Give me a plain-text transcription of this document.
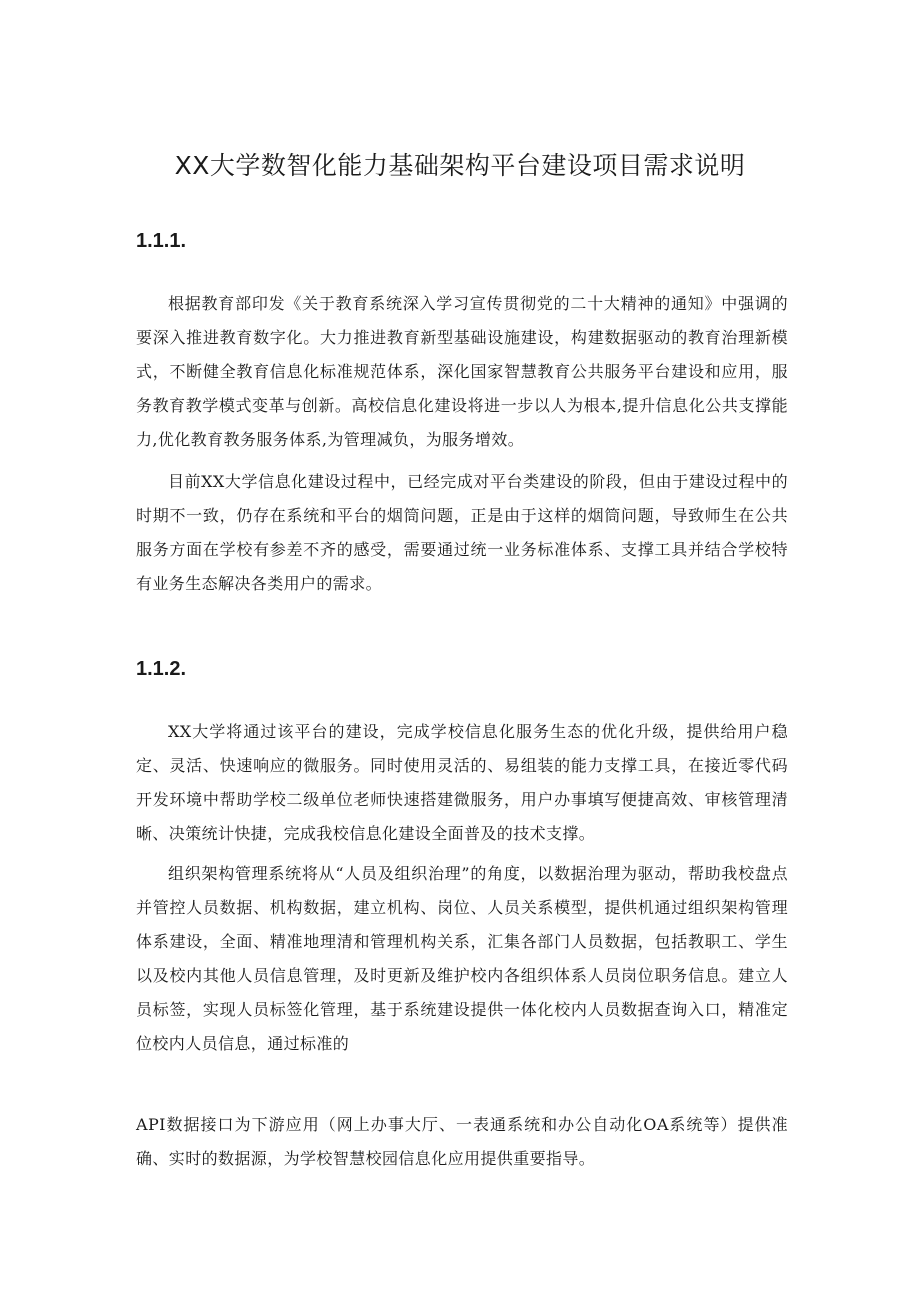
XX大学数智化能力基础架构平台建设项目需求说明
1.1.1.

根据教育部印发《关于教育系统深入学习宣传贯彻党的二十大精神的通知》中强调的要深入推进教育数字化。大力推进教育新型基础设施建设，构建数据驱动的教育治理新模式，不断健全教育信息化标准规范体系，深化国家智慧教育公共服务平台建设和应用，服务教育教学模式变革与创新。高校信息化建设将进一步以人为根本,提升信息化公共支撑能力,优化教育教务服务体系,为管理减负，为服务增效。

目前XX大学信息化建设过程中，已经完成对平台类建设的阶段，但由于建设过程中的时期不一致，仍存在系统和平台的烟筒问题，正是由于这样的烟筒问题，导致师生在公共服务方面在学校有参差不齐的感受，需要通过统一业务标准体系、支撑工具并结合学校特有业务生态解决各类用户的需求。

1.1.2.

XX大学将通过该平台的建设，完成学校信息化服务生态的优化升级，提供给用户稳定、灵活、快速响应的微服务。同时使用灵活的、易组装的能力支撑工具，在接近零代码开发环境中帮助学校二级单位老师快速搭建微服务，用户办事填写便捷高效、审核管理清晰、决策统计快捷，完成我校信息化建设全面普及的技术支撑。

组织架构管理系统将从“人员及组织治理”的角度，以数据治理为驱动，帮助我校盘点并管控人员数据、机构数据，建立机构、岗位、人员关系模型，提供机通过组织架构管理体系建设，全面、精准地理清和管理机构关系，汇集各部门人员数据，包括教职工、学生以及校内其他人员信息管理，及时更新及维护校内各组织体系人员岗位职务信息。建立人员标签，实现人员标签化管理，基于系统建设提供一体化校内人员数据查询入口，精准定位校内人员信息，通过标准的

API数据接口为下游应用（网上办事大厅、一表通系统和办公自动化OA系统等）提供准确、实时的数据源，为学校智慧校园信息化应用提供重要指导。
